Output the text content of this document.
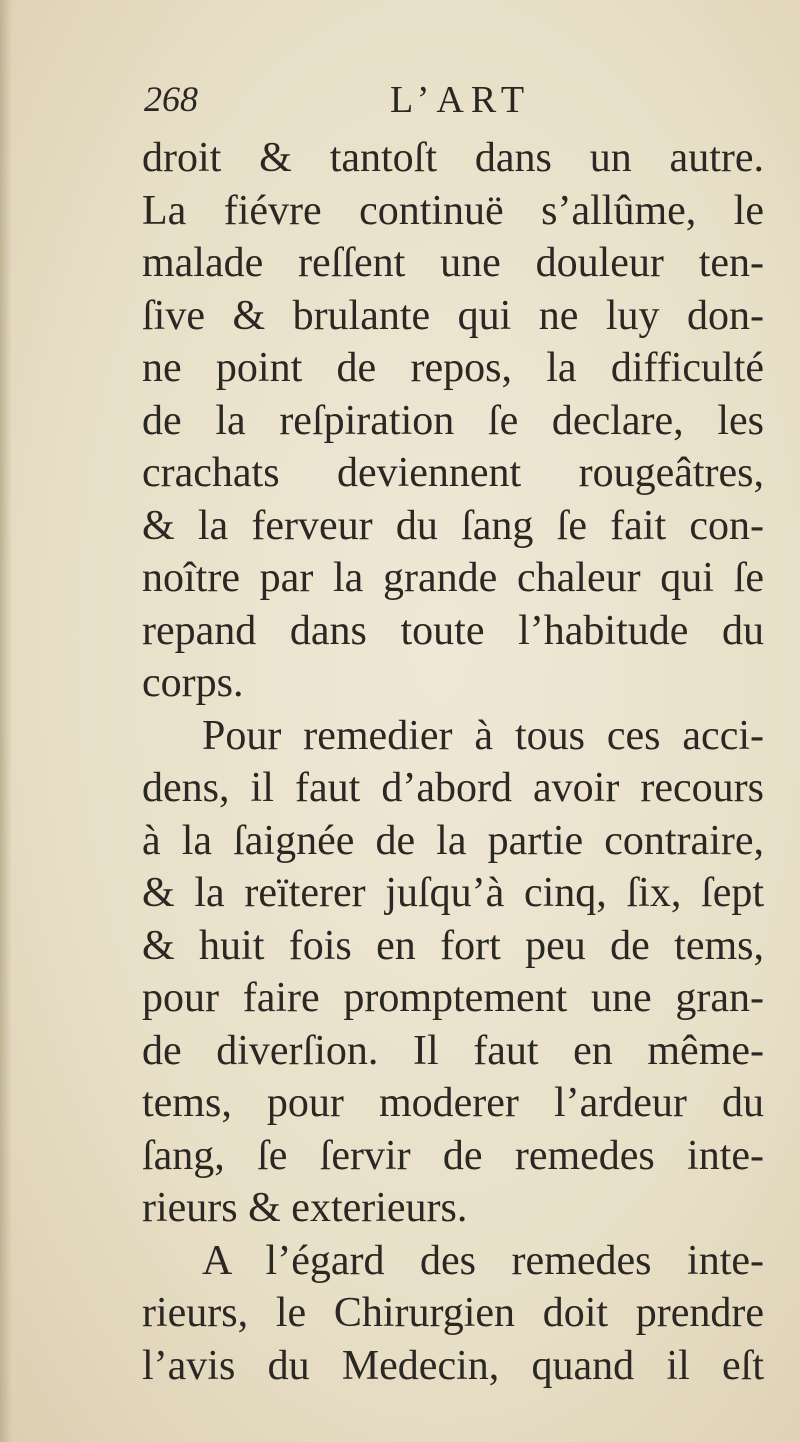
268	L’ART
droit & tantoſt dans un autre.
La fiévre continuë s’allûme, le
malade reſſent une douleur ten-
ſive & brulante qui ne luy don-
ne point de repos, la difficulté
de la reſpiration ſe declare, les
crachats deviennent rougeâtres,
& la ferveur du ſang ſe fait con-
noître par la grande chaleur qui ſe
repand dans toute l’habitude du
corps.
Pour remedier à tous ces acci-
dens, il faut d’abord avoir recours
à la ſaignée de la partie contraire,
& la reïterer juſqu’à cinq, ſix, ſept
& huit fois en fort peu de tems,
pour faire promptement une gran-
de diverſion. Il faut en même-
tems, pour moderer l’ardeur du
ſang, ſe ſervir de remedes inte-
rieurs & exterieurs.
A l’égard des remedes inte-
rieurs, le Chirurgien doit prendre
l’avis du Medecin, quand il eſt
